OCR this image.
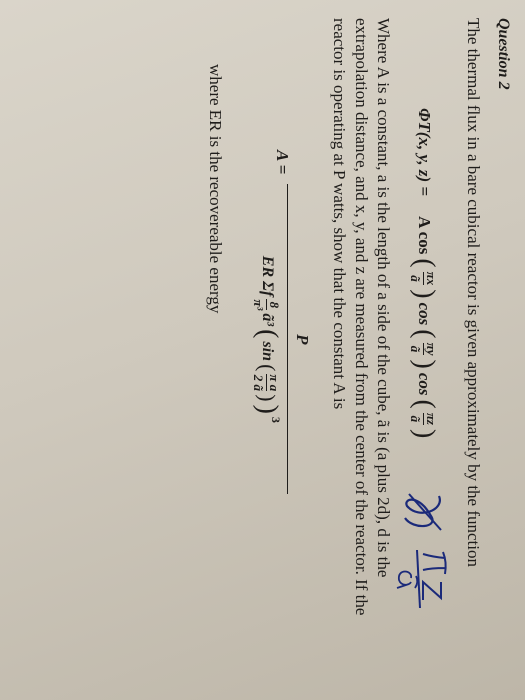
Question 2
The thermal flux in a bare cubical reactor is given approximately by the function
ΦT(x, y, z) =
A cos
(
πx
ã
)
cos
(
πy
ã
)
cos
(
πz
ã
)
Where A is a constant, a is the length of a side of the cube, ã is (a plus 2d), d is the
extrapolation distance, and x, y, and z are measured from the center of the reactor. If the
reactor is operating at P watts, show that the constant A is
A =
P
ER Σf
8
π³
ã³
(
sin
(
π a
2 ã
)
)
3
where ER is the recovereable energy
